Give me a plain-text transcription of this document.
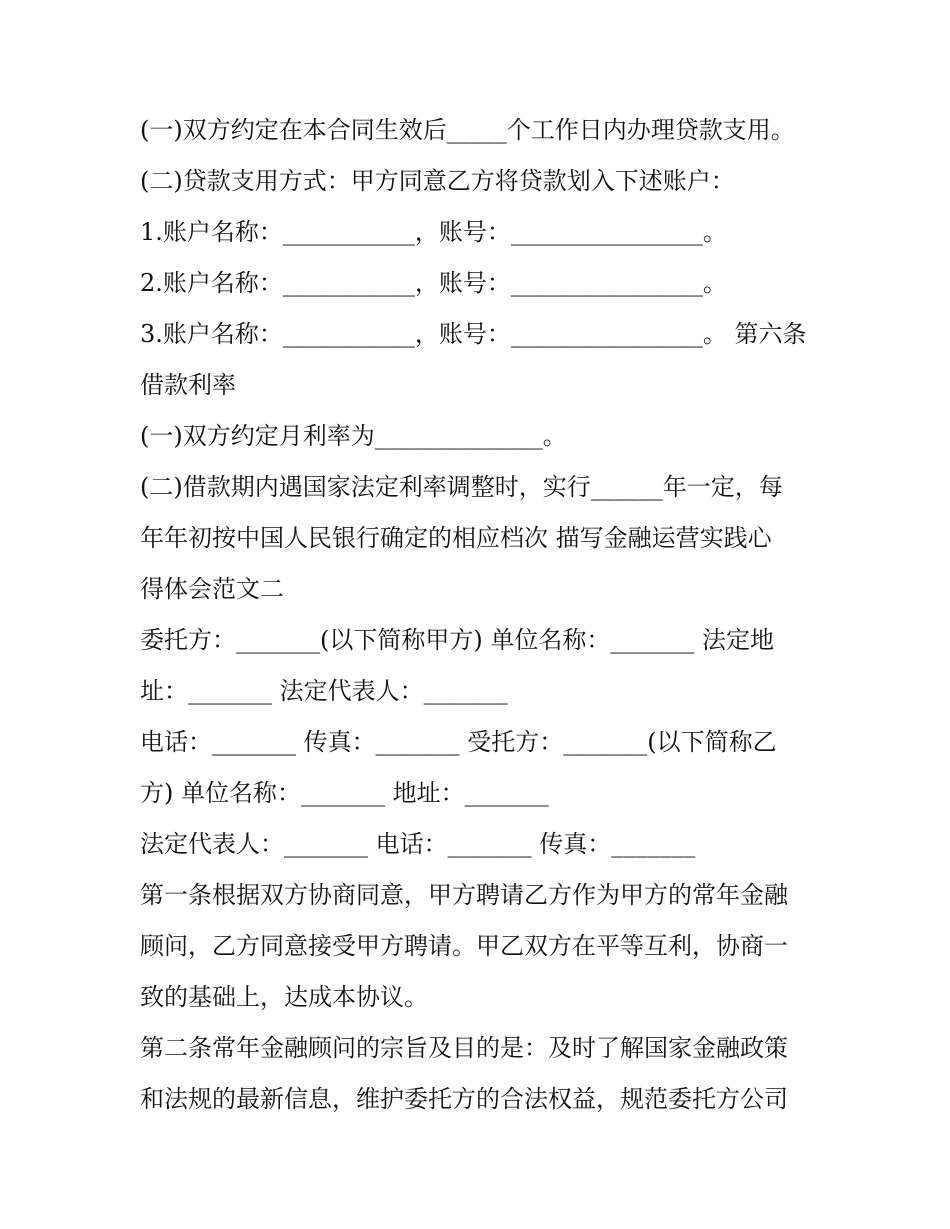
(一)双方约定在本合同生效后_____个工作日内办理贷款支用。
(二)贷款支用方式：甲方同意乙方将贷款划入下述账户：
1.账户名称：___________，账号：________________。
2.账户名称：___________，账号：________________。
3.账户名称：___________，账号：________________。 第六条
借款利率
(一)双方约定月利率为______________。
(二)借款期内遇国家法定利率调整时，实行______年一定，每
年年初按中国人民银行确定的相应档次 描写金融运营实践心
得体会范文二
委托方：_______(以下简称甲方) 单位名称：_______ 法定地
址：_______ 法定代表人：_______
电话：_______ 传真：_______ 受托方：_______(以下简称乙
方) 单位名称：_______ 地址：_______
法定代表人：_______ 电话：_______ 传真：_______
第一条根据双方协商同意，甲方聘请乙方作为甲方的常年金融
顾问，乙方同意接受甲方聘请。甲乙双方在平等互利，协商一
致的基础上，达成本协议。
第二条常年金融顾问的宗旨及目的是：及时了解国家金融政策
和法规的最新信息，维护委托方的合法权益，规范委托方公司
